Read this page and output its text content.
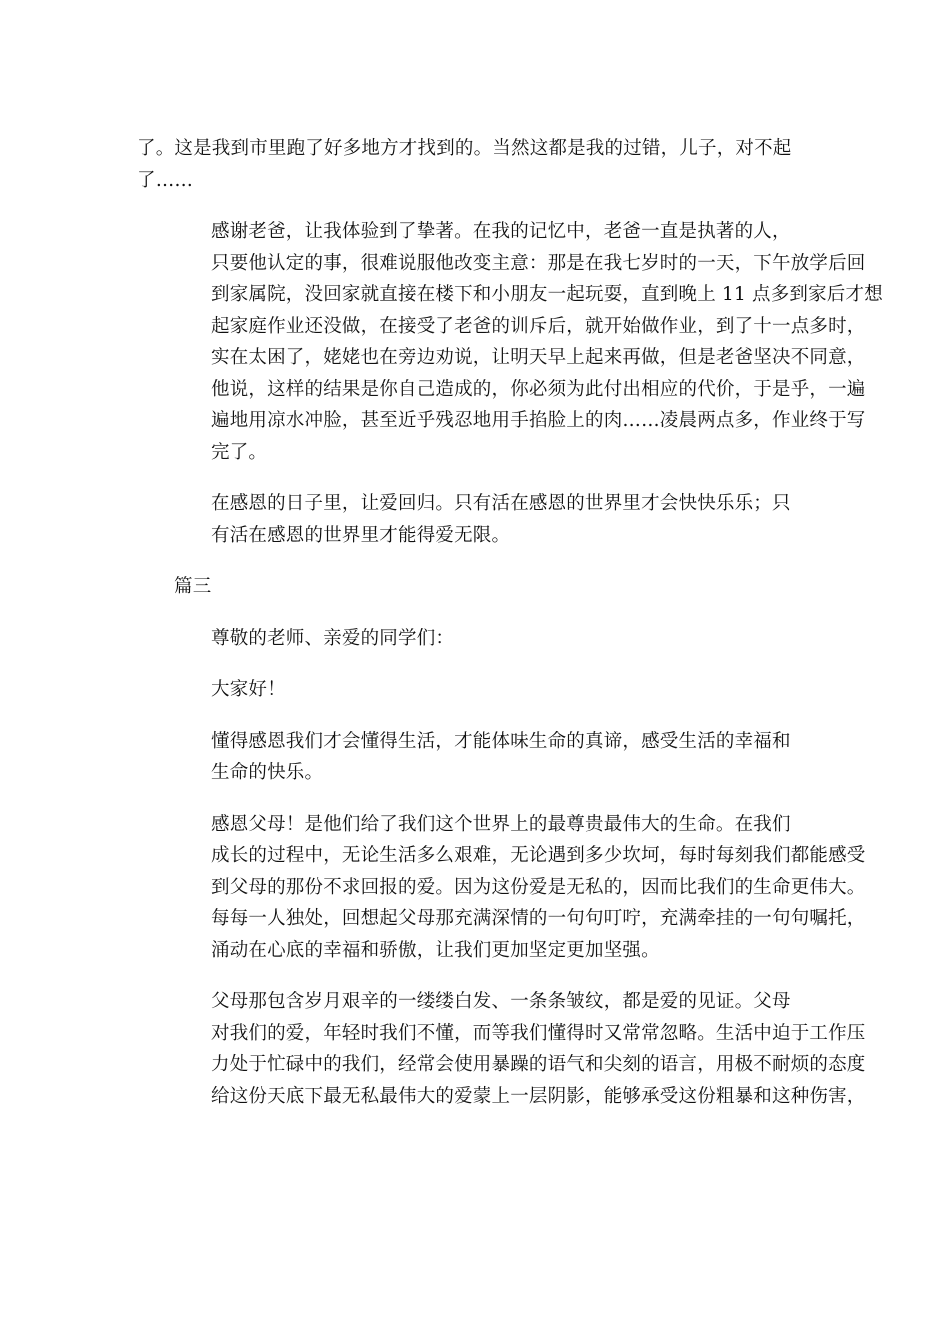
了。这是我到市里跑了好多地方才找到的。当然这都是我的过错，儿子，对不起
了……

感谢老爸，让我体验到了挚著。在我的记忆中，老爸一直是执著的人，
只要他认定的事，很难说服他改变主意：那是在我七岁时的一天，下午放学后回
到家属院，没回家就直接在楼下和小朋友一起玩耍，直到晚上 11 点多到家后才想
起家庭作业还没做，在接受了老爸的训斥后，就开始做作业，到了十一点多时，
实在太困了，姥姥也在旁边劝说，让明天早上起来再做，但是老爸坚决不同意，
他说，这样的结果是你自己造成的，你必须为此付出相应的代价，于是乎，一遍
遍地用凉水冲脸，甚至近乎残忍地用手掐脸上的肉……凌晨两点多，作业终于写
完了。

在感恩的日子里，让爱回归。只有活在感恩的世界里才会快快乐乐；只
有活在感恩的世界里才能得爱无限。

篇三

尊敬的老师、亲爱的同学们：

大家好！

懂得感恩我们才会懂得生活，才能体味生命的真谛，感受生活的幸福和
生命的快乐。

感恩父母！是他们给了我们这个世界上的最尊贵最伟大的生命。在我们
成长的过程中，无论生活多么艰难，无论遇到多少坎坷，每时每刻我们都能感受
到父母的那份不求回报的爱。因为这份爱是无私的，因而比我们的生命更伟大。
每每一人独处，回想起父母那充满深情的一句句叮咛，充满牵挂的一句句嘱托，
涌动在心底的幸福和骄傲，让我们更加坚定更加坚强。

父母那包含岁月艰辛的一缕缕白发、一条条皱纹，都是爱的见证。父母
对我们的爱，年轻时我们不懂，而等我们懂得时又常常忽略。生活中迫于工作压
力处于忙碌中的我们，经常会使用暴躁的语气和尖刻的语言，用极不耐烦的态度
给这份天底下最无私最伟大的爱蒙上一层阴影，能够承受这份粗暴和这种伤害，
